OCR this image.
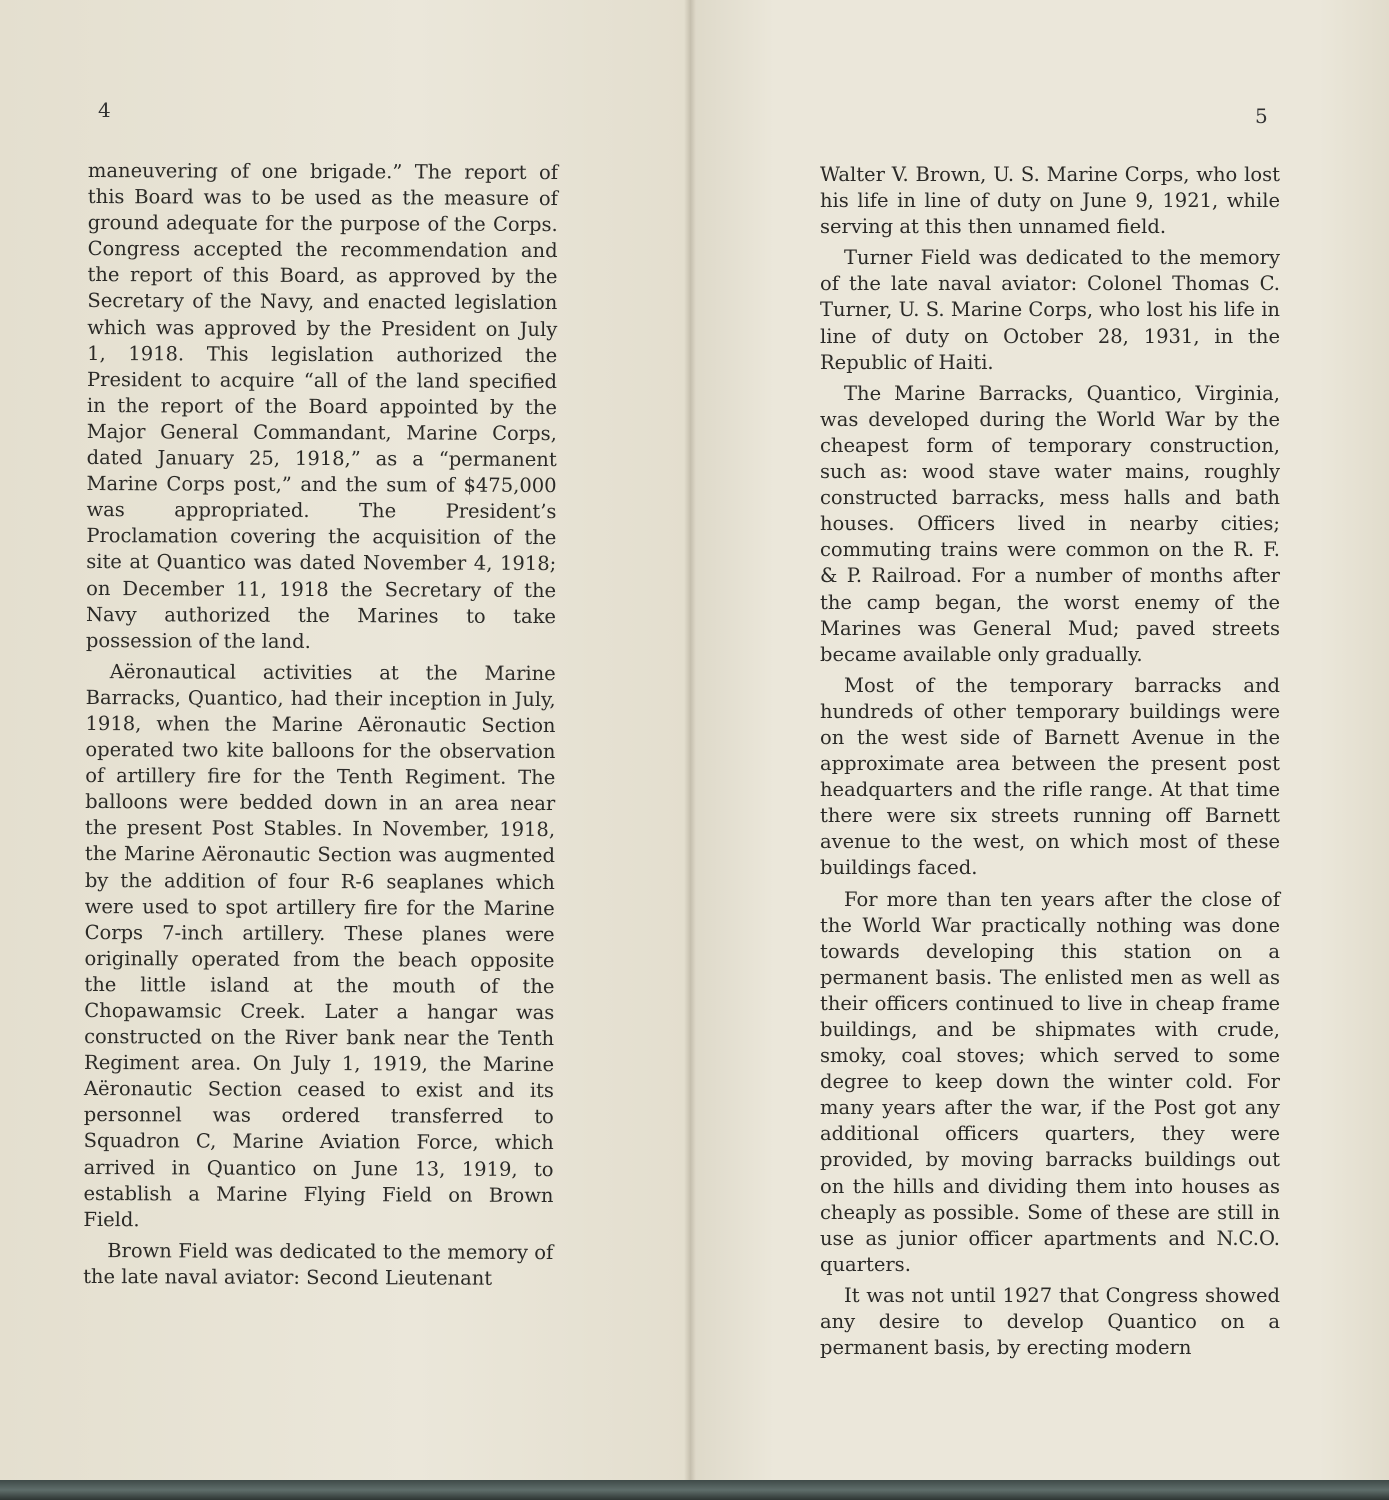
4

maneuvering of one brigade.” The report of this Board was to be used as the measure of ground adequate for the purpose of the Corps. Congress accepted the recommendation and the report of this Board, as approved by the Secretary of the Navy, and enacted legislation which was approved by the President on July 1, 1918. This legislation authorized the President to acquire “all of the land specified in the report of the Board appointed by the Major General Commandant, Marine Corps, dated January 25, 1918,” as a “permanent Marine Corps post,” and the sum of $475,000 was appropriated. The President’s Proclamation covering the acquisition of the site at Quantico was dated November 4, 1918; on December 11, 1918 the Secretary of the Navy authorized the Marines to take possession of the land.

Aëronautical activities at the Marine Barracks, Quantico, had their inception in July, 1918, when the Marine Aëronautic Section operated two kite balloons for the observation of artillery fire for the Tenth Regiment. The balloons were bedded down in an area near the present Post Stables. In November, 1918, the Marine Aëronautic Section was augmented by the addition of four R-6 seaplanes which were used to spot artillery fire for the Marine Corps 7-inch artillery. These planes were originally operated from the beach opposite the little island at the mouth of the Chopawamsic Creek. Later a hangar was constructed on the River bank near the Tenth Regiment area. On July 1, 1919, the Marine Aëronautic Section ceased to exist and its personnel was ordered transferred to Squadron C, Marine Aviation Force, which arrived in Quantico on June 13, 1919, to establish a Marine Flying Field on Brown Field.

Brown Field was dedicated to the memory of the late naval aviator: Second Lieutenant

5

Walter V. Brown, U. S. Marine Corps, who lost his life in line of duty on June 9, 1921, while serving at this then unnamed field.

Turner Field was dedicated to the memory of the late naval aviator: Colonel Thomas C. Turner, U. S. Marine Corps, who lost his life in line of duty on October 28, 1931, in the Republic of Haiti.

The Marine Barracks, Quantico, Virginia, was developed during the World War by the cheapest form of temporary construction, such as: wood stave water mains, roughly constructed barracks, mess halls and bath houses. Officers lived in nearby cities; commuting trains were common on the R. F. & P. Railroad. For a number of months after the camp began, the worst enemy of the Marines was General Mud; paved streets became available only gradually.

Most of the temporary barracks and hundreds of other temporary buildings were on the west side of Barnett Avenue in the approximate area between the present post headquarters and the rifle range. At that time there were six streets running off Barnett avenue to the west, on which most of these buildings faced.

For more than ten years after the close of the World War practically nothing was done towards developing this station on a permanent basis. The enlisted men as well as their officers continued to live in cheap frame buildings, and be shipmates with crude, smoky, coal stoves; which served to some degree to keep down the winter cold. For many years after the war, if the Post got any additional officers quarters, they were provided, by moving barracks buildings out on the hills and dividing them into houses as cheaply as possible. Some of these are still in use as junior officer apartments and N.C.O. quarters.

It was not until 1927 that Congress showed any desire to develop Quantico on a permanent basis, by erecting modern
